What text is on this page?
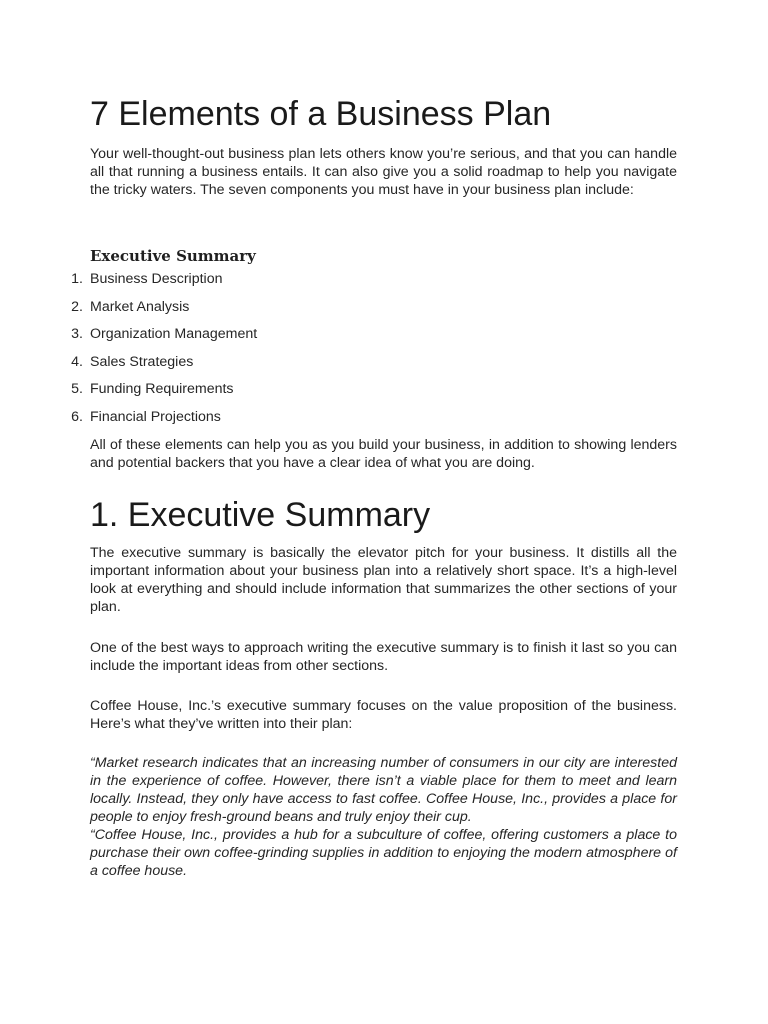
7 Elements of a Business Plan

Your well-thought-out business plan lets others know you’re serious, and that you can handle all that running a business entails. It can also give you a solid roadmap to help you navigate the tricky waters. The seven components you must have in your business plan include:

Executive Summary
1. Business Description
2. Market Analysis
3. Organization Management
4. Sales Strategies
5. Funding Requirements
6. Financial Projections

All of these elements can help you as you build your business, in addition to showing lenders and potential backers that you have a clear idea of what you are doing.

1. Executive Summary

The executive summary is basically the elevator pitch for your business. It distills all the important information about your business plan into a relatively short space. It’s a high-level look at everything and should include information that summarizes the other sections of your plan.

One of the best ways to approach writing the executive summary is to finish it last so you can include the important ideas from other sections.

Coffee House, Inc.’s executive summary focuses on the value proposition of the business. Here’s what they’ve written into their plan:

“Market research indicates that an increasing number of consumers in our city are interested in the experience of coffee. However, there isn’t a viable place for them to meet and learn locally. Instead, they only have access to fast coffee. Coffee House, Inc., provides a place for people to enjoy fresh-ground beans and truly enjoy their cup.

“Coffee House, Inc., provides a hub for a subculture of coffee, offering customers a place to purchase their own coffee-grinding supplies in addition to enjoying the modern atmosphere of a coffee house.
